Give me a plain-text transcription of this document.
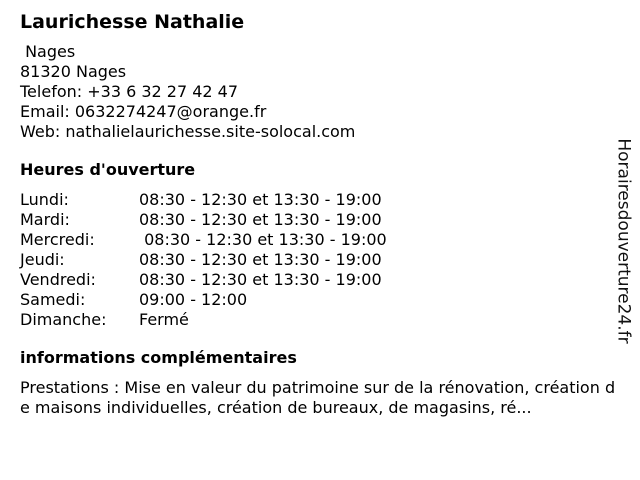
Laurichesse Nathalie
Nages
81320 Nages
Telefon: +33 6 32 27 42 47
Email: 0632274247@orange.fr
Web: nathalielaurichesse.site-solocal.com
Heures d'ouverture
Lundi:	08:30 - 12:30 et 13:30 - 19:00
Mardi:	08:30 - 12:30 et 13:30 - 19:00
Mercredi:	08:30 - 12:30 et 13:30 - 19:00
Jeudi:	08:30 - 12:30 et 13:30 - 19:00
Vendredi:	08:30 - 12:30 et 13:30 - 19:00
Samedi:	09:00 - 12:00
Dimanche:	Fermé
informations complémentaires
Prestations : Mise en valeur du patrimoine sur de la rénovation, création de maisons individuelles, création de bureaux, de magasins, ré...
Horairesdouverture24.fr
